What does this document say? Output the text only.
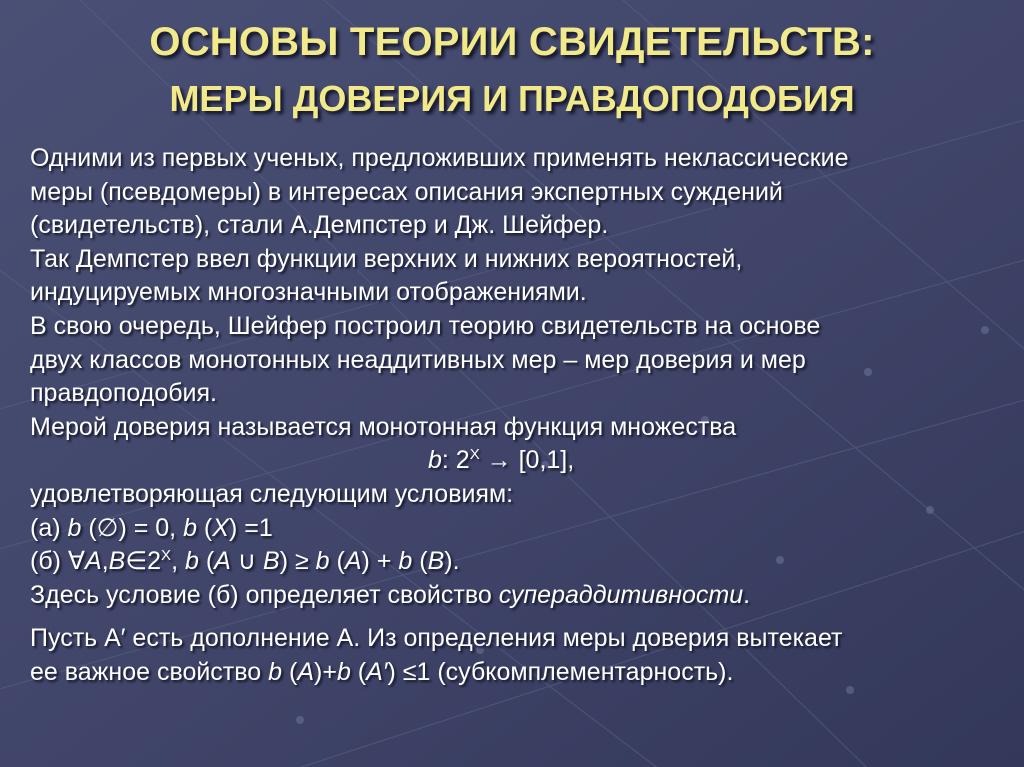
ОСНОВЫ ТЕОРИИ СВИДЕТЕЛЬСТВ:
МЕРЫ ДОВЕРИЯ И ПРАВДОПОДОБИЯ
Одними из первых ученых, предложивших применять неклассические
меры (псевдомеры) в интересах описания экспертных суждений
(свидетельств), стали А.Демпстер и Дж. Шейфер.
Так Демпстер ввел функции верхних и нижних вероятностей,
индуцируемых многозначными отображениями.
В свою очередь, Шейфер построил теорию свидетельств на основе
двух классов монотонных неаддитивных мер – мер доверия и мер
правдоподобия.
Мерой доверия называется монотонная функция множества
b: $2^X \to [0,1]$,
удовлетворяющая следующим условиям:
(a) b (∅) = 0, b (X) =1
(б) $\forall A,B\in 2^X$, b (A ∪ B) ≥ b (A) + b (B).
Здесь условие (б) определяет свойство супераддитивности.
Пусть А′ есть дополнение А. Из определения меры доверия вытекает
ее важное свойство b (A)+b (A′) ≤1 (субкомплементарность).
